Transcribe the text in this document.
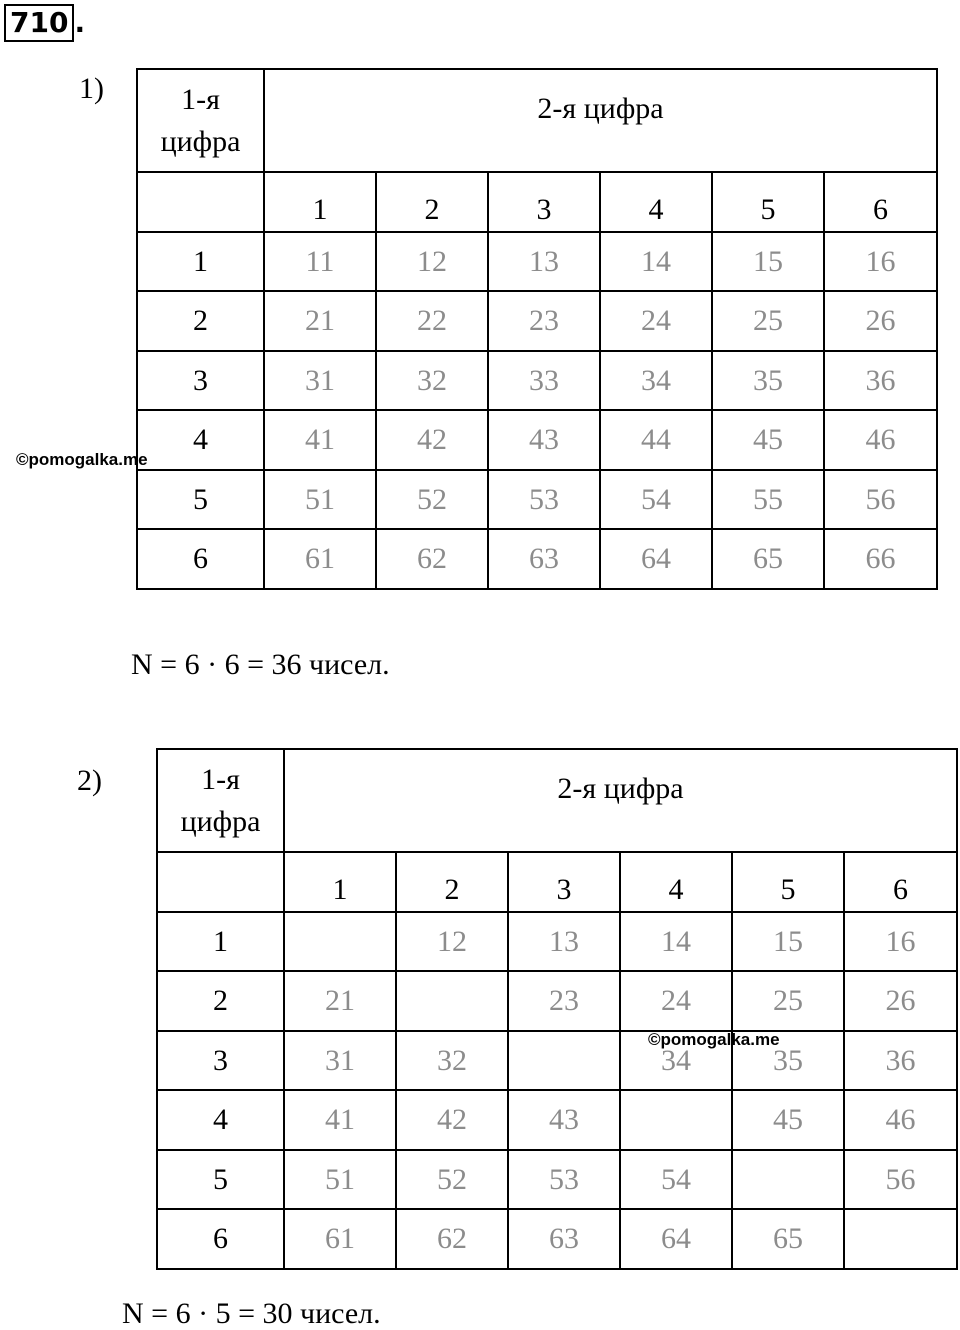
710 .
1)	1-я
цифра	2-я цифра					
	1	2	3	4	5	6
1	11	12	13	14	15	16
2	21	22	23	24	25	26
3	31	32	33	34	35	36
4	41	42	43	44	45	46
5	51	52	53	54	55	56
6	61	62	63	64	65	66
©pomogalka.me
N = 6 · 6 = 36 чисел.
2)	1-я
цифра	2-я цифра					
	1	2	3	4	5	6
1		12	13	14	15	16
2	21		23	24	25	26
3	31	32		34	35	36
4	41	42	43		45	46
5	51	52	53	54		56
6	61	62	63	64	65	
©pomogalka.me
N = 6 · 5 = 30 чисел.
